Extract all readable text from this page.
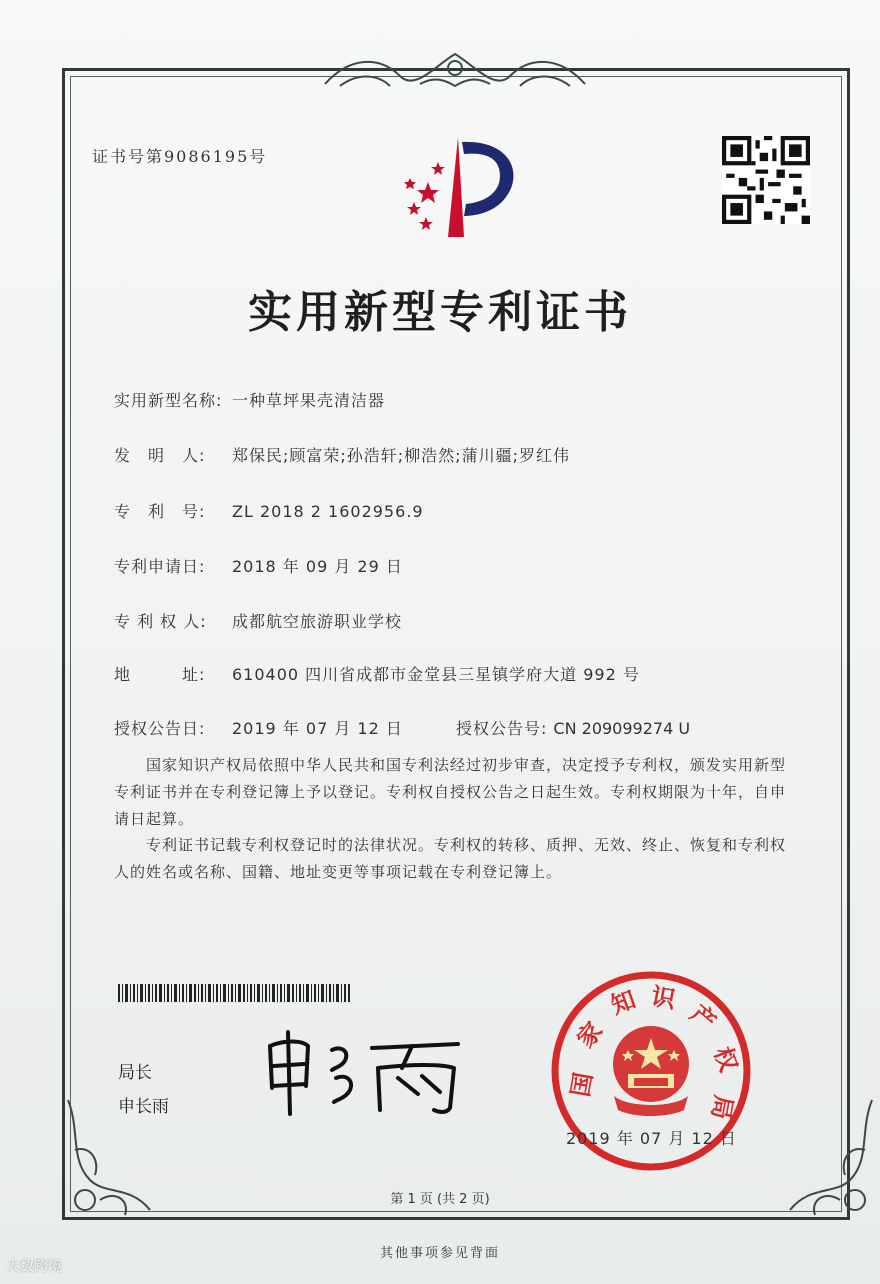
证书号第9086195号
实用新型专利证书
实用新型名称: 一种草坪果壳清洁器
发　明　人: 郑保民;顾富荣;孙浩轩;柳浩然;蒲川疆;罗红伟
专　利　号: ZL 2018 2 1602956.9
专利申请日: 2018 年 09 月 29 日
专 利 权 人: 成都航空旅游职业学校
地　　　址: 610400 四川省成都市金堂县三星镇学府大道 992 号
授权公告日: 2019 年 07 月 12 日	授权公告号: CN 209099274 U
国家知识产权局依照中华人民共和国专利法经过初步审查，决定授予专利权，颁发实用新型专利证书并在专利登记簿上予以登记。专利权自授权公告之日起生效。专利权期限为十年，自申请日起算。
专利证书记载专利权登记时的法律状况。专利权的转移、质押、无效、终止、恢复和专利权人的姓名或名称、国籍、地址变更等事项记载在专利登记簿上。
局长
申长雨
国
家
知 识
产
权
局
2019 年 07 月 12 日
第 1 页 (共 2 页)
其他事项参见背面
大数跨境
